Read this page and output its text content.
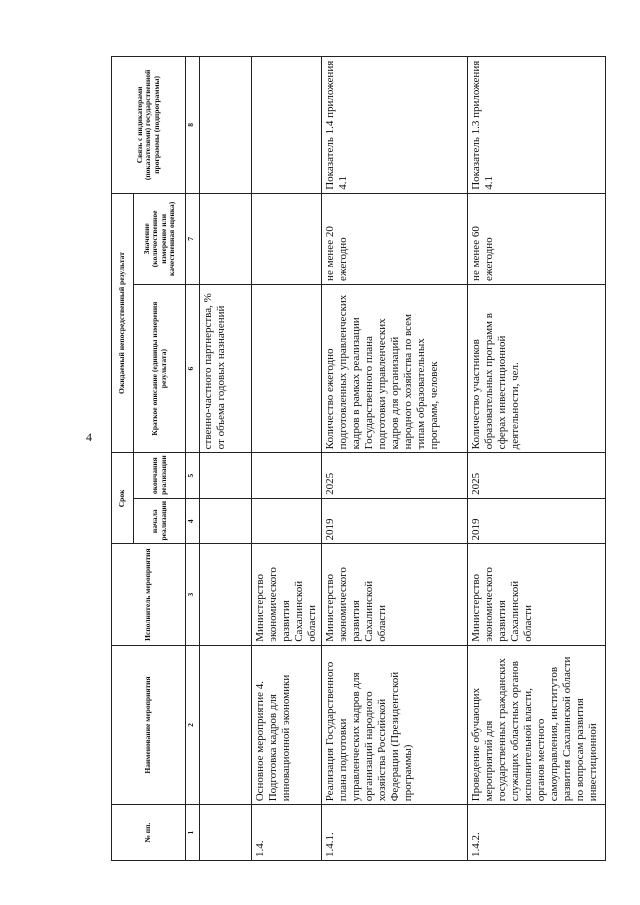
4
№ пп.	Наименование мероприятия	Исполнитель мероприятия	Срок		Ожидаемый непосредственный результат		Связь с индикаторами (показателями) государственной программы (подпрограммы)
			начала реализации	окончания реализации	Краткое описание (единицы измерения результата)	Значение (количественное измерение или качественная оценка)	
1	2	3	4	5	6	7	8
					ственно-частного партнерства, % от объема годовых назначений		
1.4.	Основное мероприятие 4. Подготовка кадров для инновационной экономики	Министерство экономического развития Сахалинской области					
1.4.1.	Реализация Государственного плана подготовки управленческих кадров для организаций народного хозяйства Российской Федерации (Президентской программы)	Министерство экономического развития Сахалинской области	2019	2025	Количество ежегодно подготовленных управленческих кадров в рамках реализации Государственного плана подготовки управленческих кадров для организаций народного хозяйства по всем типам образовательных программ, человек	не менее 20 ежегодно	Показатель 1.4 приложения 4.1
1.4.2.	Проведение обучающих мероприятий для государственных гражданских служащих областных органов исполнительной власти, органов местного самоуправления, институтов развития Сахалинской области по вопросам развития инвестиционной	Министерство экономического развития Сахалинской области	2019	2025	Количество участников образовательных программ в сферах инвестиционной деятельности, чел.	не менее 60 ежегодно	Показатель 1.3 приложения 4.1
